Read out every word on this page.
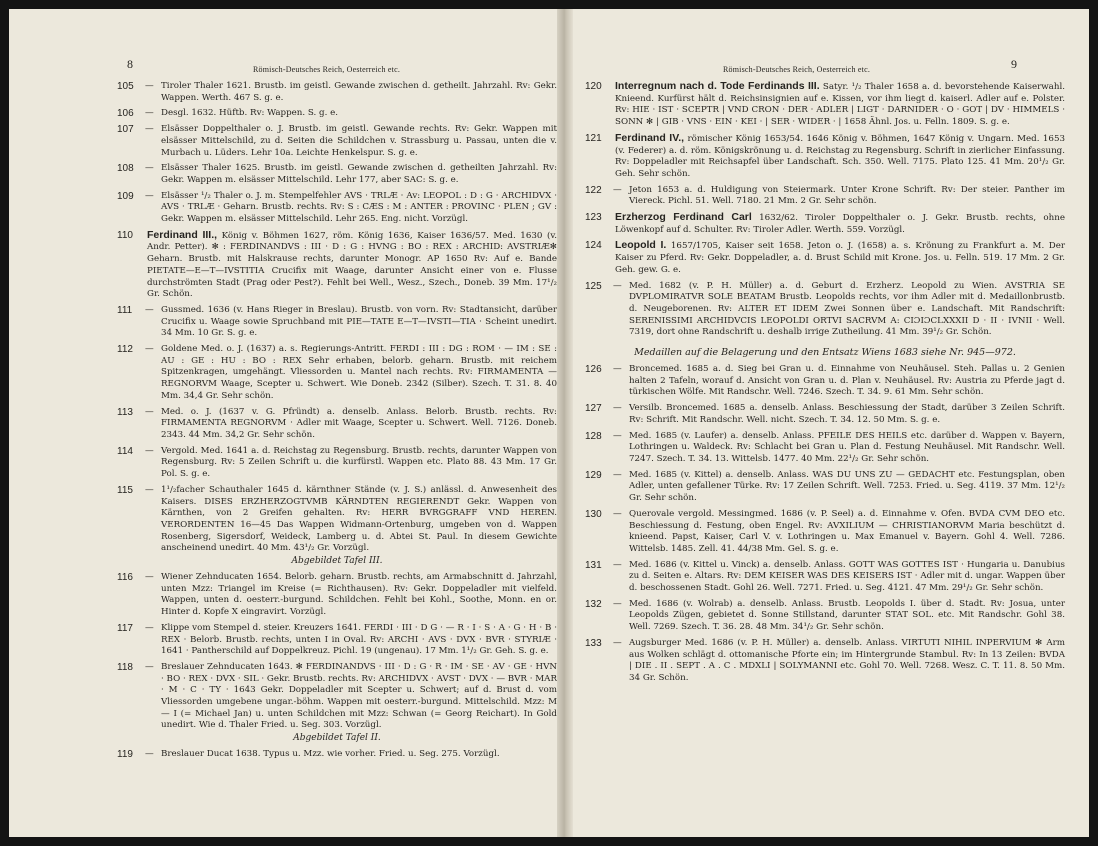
8	Römisch-Deutsches Reich, Oesterreich etc.
105	— Tiroler Thaler 1621. Brustb. im geistl. Gewande zwischen d. getheilt. Jahrzahl. Rv: Gekr. Wappen. Werth. 467 S. g. e.
106	— Desgl. 1632. Hüftb. Rv: Wappen. S. g. e.
107	— Elsässer Doppelthaler o. J. Brustb. im geistl. Gewande rechts. Rv: Gekr. Wappen mit elsässer Mittelschild, zu d. Seiten die Schildchen v. Strassburg u. Passau, unten die v. Murbach u. Lüders. Lehr 10a. Leichte Henkelspur. S. g. e.
108	— Elsässer Thaler 1625. Brustb. im geistl. Gewande zwischen d. getheilten Jahrzahl. Rv: Gekr. Wappen m. elsässer Mittelschild. Lehr 177, aber SAC: S. g. e.
109	— Elsässer ¹/₂ Thaler o. J. m. Stempelfehler AVS · TRLÆ · Av: LEOPOL : D : G · ARCHIDVX · AVS · TRLÆ · Geharn. Brustb. rechts. Rv: S : CÆS : M : ANTER : PROVINC · PLEN ; GV : Gekr. Wappen m. elsässer Mittelschild. Lehr 265. Eng. nicht. Vorzügl.
110	Ferdinand III., König v. Böhmen 1627, röm. König 1636, Kaiser 1636/57. Med. 1630 (v. Andr. Petter). ✻ : FERDINANDVS : III · D : G : HVNG : BO : REX : ARCHID: AVSTRIÆ✻ Geharn. Brustb. mit Halskrause rechts, darunter Monogr. AP 1650 Rv: Auf e. Bande PIETATE—E—T—IVSTITIA Crucifix mit Waage, darunter Ansicht einer von e. Flusse durchströmten Stadt (Prag oder Pest?). Fehlt bei Well., Wesz., Szech., Doneb. 39 Mm. 17¹/₂ Gr. Schön.
111	— Gussmed. 1636 (v. Hans Rieger in Breslau). Brustb. von vorn. Rv: Stadtansicht, darüber Crucifix u. Waage sowie Spruchband mit PIE—TATE E—T—IVSTI—TIA · Scheint unedirt. 34 Mm. 10 Gr. S. g. e.
112	— Goldene Med. o. J. (1637) a. s. Regierungs-Antritt. FERDI : III : DG : ROM · — IM : SE : AU : GE : HU : BO : REX Sehr erhaben, belorb. geharn. Brustb. mit reichem Spitzenkragen, umgehängt. Vliessorden u. Mantel nach rechts. Rv: FIRMAMENTA — REGNORVM Waage, Scepter u. Schwert. Wie Doneb. 2342 (Silber). Szech. T. 31. 8. 40 Mm. 34,4 Gr. Sehr schön.
113	— Med. o. J. (1637 v. G. Pfründt) a. denselb. Anlass. Belorb. Brustb. rechts. Rv: FIRMAMENTA REGNORVM · Adler mit Waage, Scepter u. Schwert. Well. 7126. Doneb. 2343. 44 Mm. 34,2 Gr. Sehr schön.
114	— Vergold. Med. 1641 a. d. Reichstag zu Regensburg. Brustb. rechts, darunter Wappen von Regensburg. Rv: 5 Zeilen Schrift u. die kurfürstl. Wappen etc. Plato 88. 43 Mm. 17 Gr. Pol. S. g. e.
115	— 1¹/₂facher Schauthaler 1645 d. kärnthner Stände (v. J. S.) anlässl. d. Anwesenheit des Kaisers. DISES ERZHERZOGTVMB KÄRNDTEN REGIERENDT Gekr. Wappen von Kärnthen, von 2 Greifen gehalten. Rv: HERR BVRGGRAFF VND HEREN. VERORDENTEN 16—45 Das Wappen Widmann-Ortenburg, umgeben von d. Wappen Rosenberg, Sigersdorf, Weideck, Lamberg u. d. Abtei St. Paul. In diesem Gewichte anscheinend unedirt. 40 Mm. 43¹/₂ Gr. Vorzügl.
Abgebildet Tafel III.
116	— Wiener Zehnducaten 1654. Belorb. geharn. Brustb. rechts, am Armabschnitt d. Jahrzahl, unten Mzz: Triangel im Kreise (= Richthausen). Rv: Gekr. Doppeladler mit vielfeld. Wappen, unten d. oesterr.-burgund. Schildchen. Fehlt bei Kohl., Soothe, Monn. en or. Hinter d. Kopfe X eingravirt. Vorzügl.
117	— Klippe vom Stempel d. steier. Kreuzers 1641. FERDI · III · D G · — R · I · S · A · G · H · B · REX · Belorb. Brustb. rechts, unten I in Oval. Rv: ARCHI · AVS · DVX · BVR · STYRIÆ · 1641 · Pantherschild auf Doppelkreuz. Pichl. 19 (ungenau). 17 Mm. 1¹/₂ Gr. Geh. S. g. e.
118	— Breslauer Zehnducaten 1643. ✻ FERDINANDVS · III · D : G · R · IM · SE · AV · GE · HVN · BO · REX · DVX · SIL · Gekr. Brustb. rechts. Rv: ARCHIDVX · AVST · DVX · — BVR · MAR · M · C · TY · 1643 Gekr. Doppeladler mit Scepter u. Schwert; auf d. Brust d. vom Vliessorden umgebene ungar.-böhm. Wappen mit oesterr.-burgund. Mittelschild. Mzz: M — I (= Michael Jan) u. unten Schildchen mit Mzz: Schwan (= Georg Reichart). In Gold unedirt. Wie d. Thaler Fried. u. Seg. 303. Vorzügl.
Abgebildet Tafel II.
119	— Breslauer Ducat 1638. Typus u. Mzz. wie vorher. Fried. u. Seg. 275. Vorzügl.
9
Römisch-Deutsches Reich, Oesterreich etc.
120	Interregnum nach d. Tode Ferdinands III. Satyr. ¹/₂ Thaler 1658 a. d. bevorstehende Kaiserwahl. Knieend. Kurfürst hält d. Reichsinsignien auf e. Kissen, vor ihm liegt d. kaiserl. Adler auf e. Polster. Rv: HIE · IST · SCEPTR | VND CRON · DER · ADLER | LIGT · DARNIDER · O · GOT | DV · HIMMELS · SONN ✻ | GIB · VNS · EIN · KEI · | SER · WIDER · | 1658 Ähnl. Jos. u. Felln. 1809. S. g. e.
121	Ferdinand IV., römischer König 1653/54. 1646 König v. Böhmen, 1647 König v. Ungarn. Med. 1653 (v. Federer) a. d. röm. Königskrönung u. d. Reichstag zu Regensburg. Schrift in zierlicher Einfassung. Rv: Doppeladler mit Reichsapfel über Landschaft. Sch. 350. Well. 7175. Plato 125. 41 Mm. 20¹/₂ Gr. Geh. Sehr schön.
122	— Jeton 1653 a. d. Huldigung von Steiermark. Unter Krone Schrift. Rv: Der steier. Panther im Viereck. Pichl. 51. Well. 7180. 21 Mm. 2 Gr. Sehr schön.
123	Erzherzog Ferdinand Carl 1632/62. Tiroler Doppelthaler o. J. Gekr. Brustb. rechts, ohne Löwenkopf auf d. Schulter. Rv: Tiroler Adler. Werth. 559. Vorzügl.
124	Leopold I. 1657/1705, Kaiser seit 1658. Jeton o. J. (1658) a. s. Krönung zu Frankfurt a. M. Der Kaiser zu Pferd. Rv: Gekr. Doppeladler, a. d. Brust Schild mit Krone. Jos. u. Felln. 519. 17 Mm. 2 Gr. Geh. gew. G. e.
125	— Med. 1682 (v. P. H. Müller) a. d. Geburt d. Erzherz. Leopold zu Wien. AVSTRIA SE DVPLOMIRATVR SOLE BEATAM Brustb. Leopolds rechts, vor ihm Adler mit d. Medaillonbrustb. d. Neugeborenen. Rv: ALTER ET IDEM Zwei Sonnen über e. Landschaft. Mit Randschrift: SERENISSIMI ARCHIDVCIS LEOPOLDI ORTVI SACRVM A: CIƆIƆCLXXXII D · II · IVNII · Well. 7319, dort ohne Randschrift u. deshalb irrige Zutheilung. 41 Mm. 39¹/₂ Gr. Schön.
Medaillen auf die Belagerung und den Entsatz Wiens 1683 siehe Nr. 945—972.
126	— Broncemed. 1685 a. d. Sieg bei Gran u. d. Einnahme von Neuhäusel. Steh. Pallas u. 2 Genien halten 2 Tafeln, worauf d. Ansicht von Gran u. d. Plan v. Neuhäusel. Rv: Austria zu Pferde jagt d. türkischen Wölfe. Mit Randschr. Well. 7246. Szech. T. 34. 9. 61 Mm. Sehr schön.
127	— Versilb. Broncemed. 1685 a. denselb. Anlass. Beschiessung der Stadt, darüber 3 Zeilen Schrift. Rv: Schrift. Mit Randschr. Well. nicht. Szech. T. 34. 12. 50 Mm. S. g. e.
128	— Med. 1685 (v. Laufer) a. denselb. Anlass. PFEILE DES HEILS etc. darüber d. Wappen v. Bayern, Lothringen u. Waldeck. Rv: Schlacht bei Gran u. Plan d. Festung Neuhäusel. Mit Randschr. Well. 7247. Szech. T. 34. 13. Wittelsb. 1477. 40 Mm. 22¹/₂ Gr. Sehr schön.
129	— Med. 1685 (v. Kittel) a. denselb. Anlass. WAS DU UNS ZU — GEDACHT etc. Festungsplan, oben Adler, unten gefallener Türke. Rv: 17 Zeilen Schrift. Well. 7253. Fried. u. Seg. 4119. 37 Mm. 12¹/₂ Gr. Sehr schön.
130	— Querovale vergold. Messingmed. 1686 (v. P. Seel) a. d. Einnahme v. Ofen. BVDA CVM DEO etc. Beschiessung d. Festung, oben Engel. Rv: AVXILIUM — CHRISTIANORVM Maria beschützt d. knieend. Papst, Kaiser, Carl V. v. Lothringen u. Max Emanuel v. Bayern. Gohl 4. Well. 7286. Wittelsb. 1485. Zell. 41. 44/38 Mm. Gel. S. g. e.
131	— Med. 1686 (v. Kittel u. Vinck) a. denselb. Anlass. GOTT WAS GOTTES IST · Hungaria u. Danubius zu d. Seiten e. Altars. Rv: DEM KEISER WAS DES KEISERS IST · Adler mit d. ungar. Wappen über d. beschossenen Stadt. Gohl 26. Well. 7271. Fried. u. Seg. 4121. 47 Mm. 29¹/₂ Gr. Sehr schön.
132	— Med. 1686 (v. Wolrab) a. denselb. Anlass. Brustb. Leopolds I. über d. Stadt. Rv: Josua, unter Leopolds Zügen, gebietet d. Sonne Stillstand, darunter STAT SOL. etc. Mit Randschr. Gohl 38. Well. 7269. Szech. T. 36. 28. 48 Mm. 34¹/₂ Gr. Sehr schön.
133	— Augsburger Med. 1686 (v. P. H. Müller) a. denselb. Anlass. VIRTUTI NIHIL INPERVIUM ✻ Arm aus Wolken schlägt d. ottomanische Pforte ein; im Hintergrunde Stambul. Rv: In 13 Zeilen: BVDA | DIE . II . SEPT . A . C . MDXLI | SOLYMANNI etc. Gohl 70. Well. 7268. Wesz. C. T. 11. 8. 50 Mm. 34 Gr. Schön.
